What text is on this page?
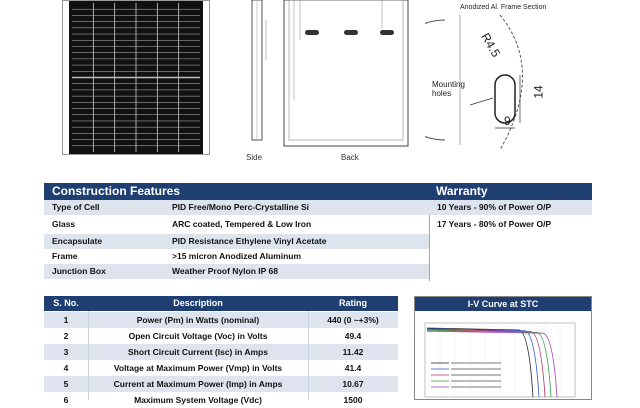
Side	Back
Anodized Al. Frame Section
R4.5
Mounting holes	14
9
Construction Features	Warranty
Type of Cell	PID Free/Mono Perc-Crystalline Si	10 Years - 90% of Power O/P
Glass	ARC coated, Tempered & Low Iron	17 Years - 80% of Power O/P
Encapsulate	PID Resistance Ethylene Vinyl Acetate
Frame	>15 micron Anodized Aluminum
Junction Box	Weather Proof Nylon IP 68
S. No.	Description	Rating
1	Power (Pm) in Watts (nominal)	440 (0 ~+3%)
2	Open Circuit Voltage (Voc) in Volts	49.4
3	Short Circuit Current (Isc) in Amps	11.42
4	Voltage at Maximum Power (Vmp) in Volts	41.4
5	Current at Maximum Power (Imp) in Amps	10.67
6	Maximum System Voltage (Vdc)	1500
I-V Curve at STC
